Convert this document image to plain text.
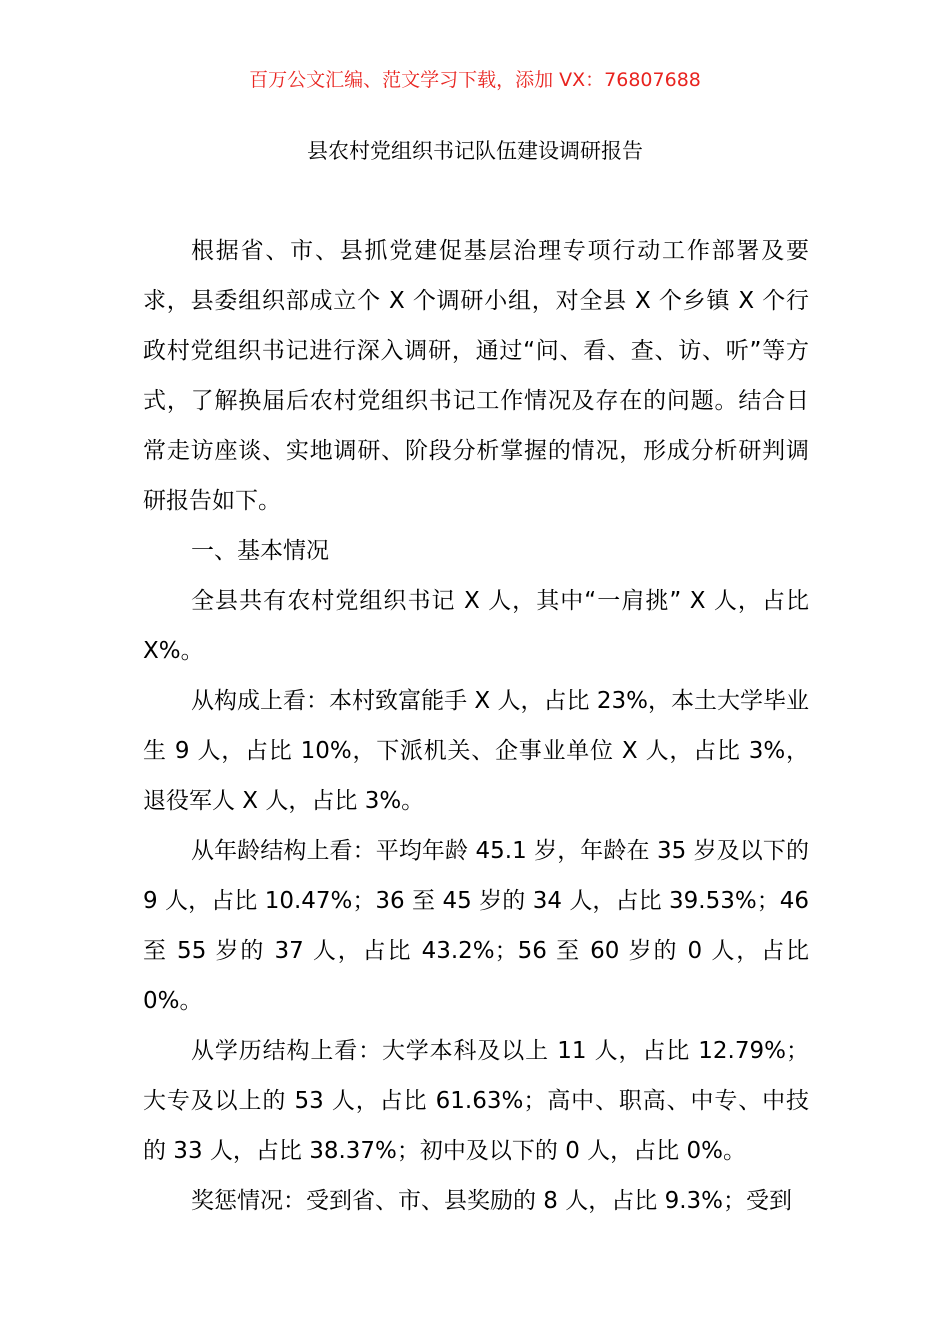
百万公文汇编、范文学习下载，添加 VX：76807688
县农村党组织书记队伍建设调研报告

根据省、市、县抓党建促基层治理专项行动工作部署及要求，县委组织部成立个 X 个调研小组，对全县 X 个乡镇 X 个行政村党组织书记进行深入调研，通过“问、看、查、访、听”等方式，了解换届后农村党组织书记工作情况及存在的问题。结合日常走访座谈、实地调研、阶段分析掌握的情况，形成分析研判调研报告如下。

一、基本情况

全县共有农村党组织书记 X 人，其中“一肩挑” X 人，占比 X%。

从构成上看：本村致富能手 X 人，占比 23%，本土大学毕业生 9 人，占比 10%，下派机关、企事业单位 X 人，占比 3%，退役军人 X 人，占比 3%。

从年龄结构上看：平均年龄 45.1 岁，年龄在 35 岁及以下的 9 人，占比 10.47%；36 至 45 岁的 34 人，占比 39.53%；46 至 55 岁的 37 人，占比 43.2%；56 至 60 岁的 0 人，占比 0%。

从学历结构上看：大学本科及以上 11 人，占比 12.79%；大专及以上的 53 人，占比 61.63%；高中、职高、中专、中技的 33 人，占比 38.37%；初中及以下的 0 人，占比 0%。

奖惩情况：受到省、市、县奖励的 8 人，占比 9.3%；受到
